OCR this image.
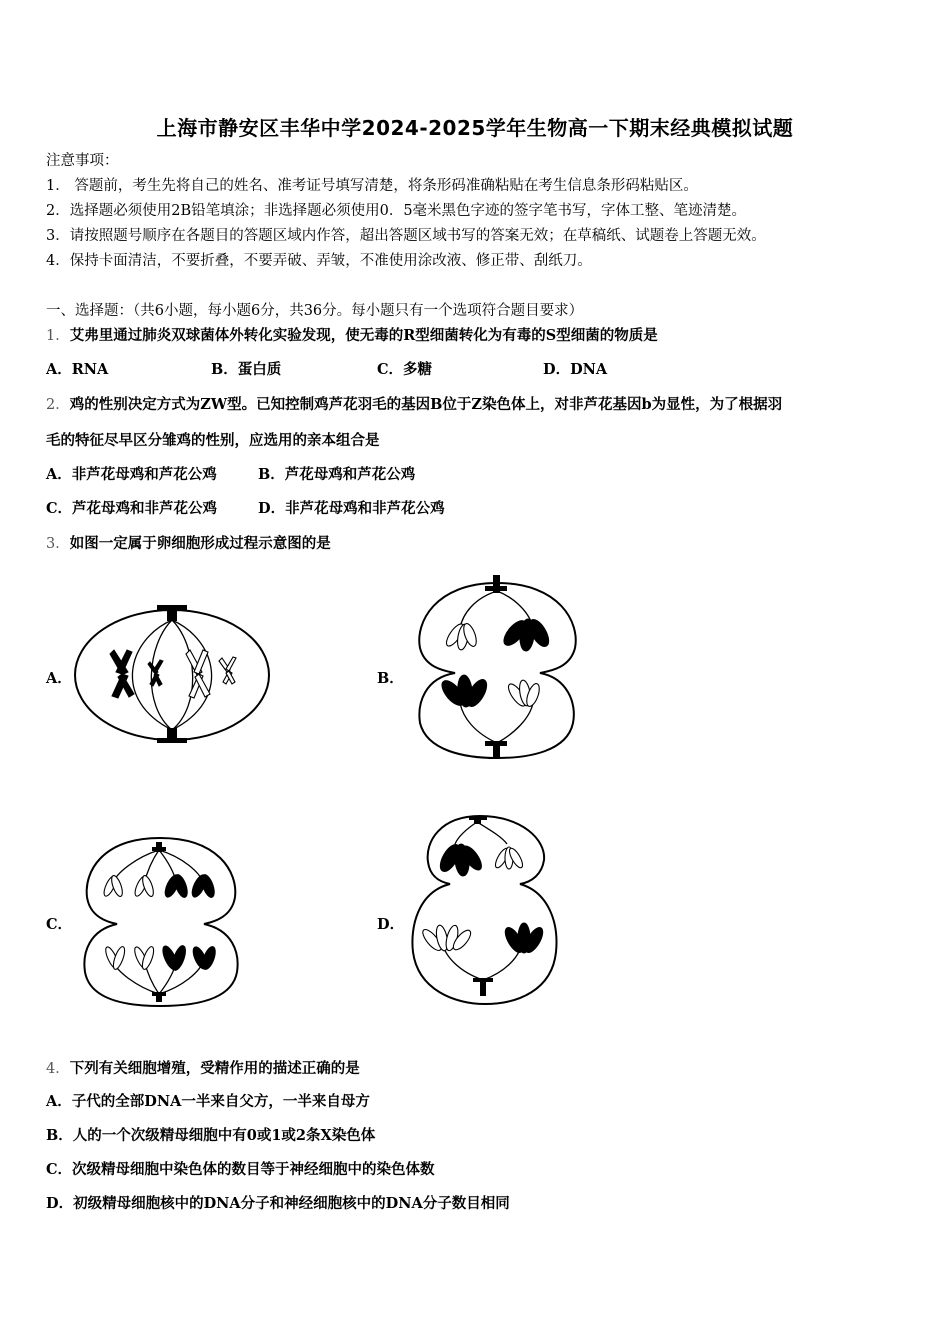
上海市静安区丰华中学2024-2025学年生物高一下期末经典模拟试题
注意事项：
1． 答题前，考生先将自己的姓名、准考证号填写清楚，将条形码准确粘贴在考生信息条形码粘贴区。
2．选择题必须使用2B铅笔填涂；非选择题必须使用0．5毫米黑色字迹的签字笔书写，字体工整、笔迹清楚。
3．请按照题号顺序在各题目的答题区域内作答，超出答题区域书写的答案无效；在草稿纸、试题卷上答题无效。
4．保持卡面清洁，不要折叠，不要弄破、弄皱，不准使用涂改液、修正带、刮纸刀。
一、选择题：（共6小题，每小题6分，共36分。每小题只有一个选项符合题目要求）
1．艾弗里通过肺炎双球菌体外转化实验发现，使无毒的R型细菌转化为有毒的S型细菌的物质是
A．RNA	B．蛋白质	C．多糖	D．DNA
2．鸡的性别决定方式为ZW型。已知控制鸡芦花羽毛的基因B位于Z染色体上，对非芦花基因b为显性，为了根据羽
毛的特征尽早区分雏鸡的性别，应选用的亲本组合是
A．非芦花母鸡和芦花公鸡	B．芦花母鸡和芦花公鸡
C．芦花母鸡和非芦花公鸡	D．非芦花母鸡和非芦花公鸡
3．如图一定属于卵细胞形成过程示意图的是
A．	B．
C．	D．
4．下列有关细胞增殖，受精作用的描述正确的是
A．子代的全部DNA一半来自父方，一半来自母方
B．人的一个次级精母细胞中有0或1或2条X染色体
C．次级精母细胞中染色体的数目等于神经细胞中的染色体数
D．初级精母细胞核中的DNA分子和神经细胞核中的DNA分子数目相同
